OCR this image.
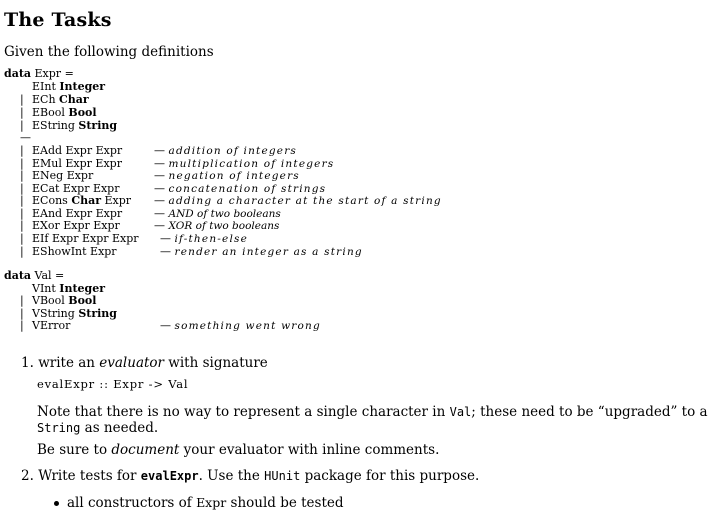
The Tasks
Given the following definitions
data Expr =
EInt Integer
| ECh Char
| EBool Bool
| EString String
—
| EAdd Expr Expr
| EMul Expr Expr
| ENeg Expr
| ECat Expr Expr
| ECons Char Expr
| EAnd Expr Expr
| EXor Expr Expr
| EIf Expr Expr Expr
| EShowInt Expr
— addition of integers
— multiplication of integers
— negation of integers
— concatenation of strings
— adding a character at the start of a string
— AND of two booleans
— XOR of two booleans
— if-then-else
— render an integer as a string
data Val =
VInt Integer
| VBool Bool
| VString String
| VError	— something went wrong
1. write an evaluator with signature
evalExpr :: Expr -> Val
Note that there is no way to represent a single character in Val; these need to be “upgraded” to a
String as needed.
Be sure to document your evaluator with inline comments.
2. Write tests for evalExpr. Use the HUnit package for this purpose.
all constructors of Expr should be tested
